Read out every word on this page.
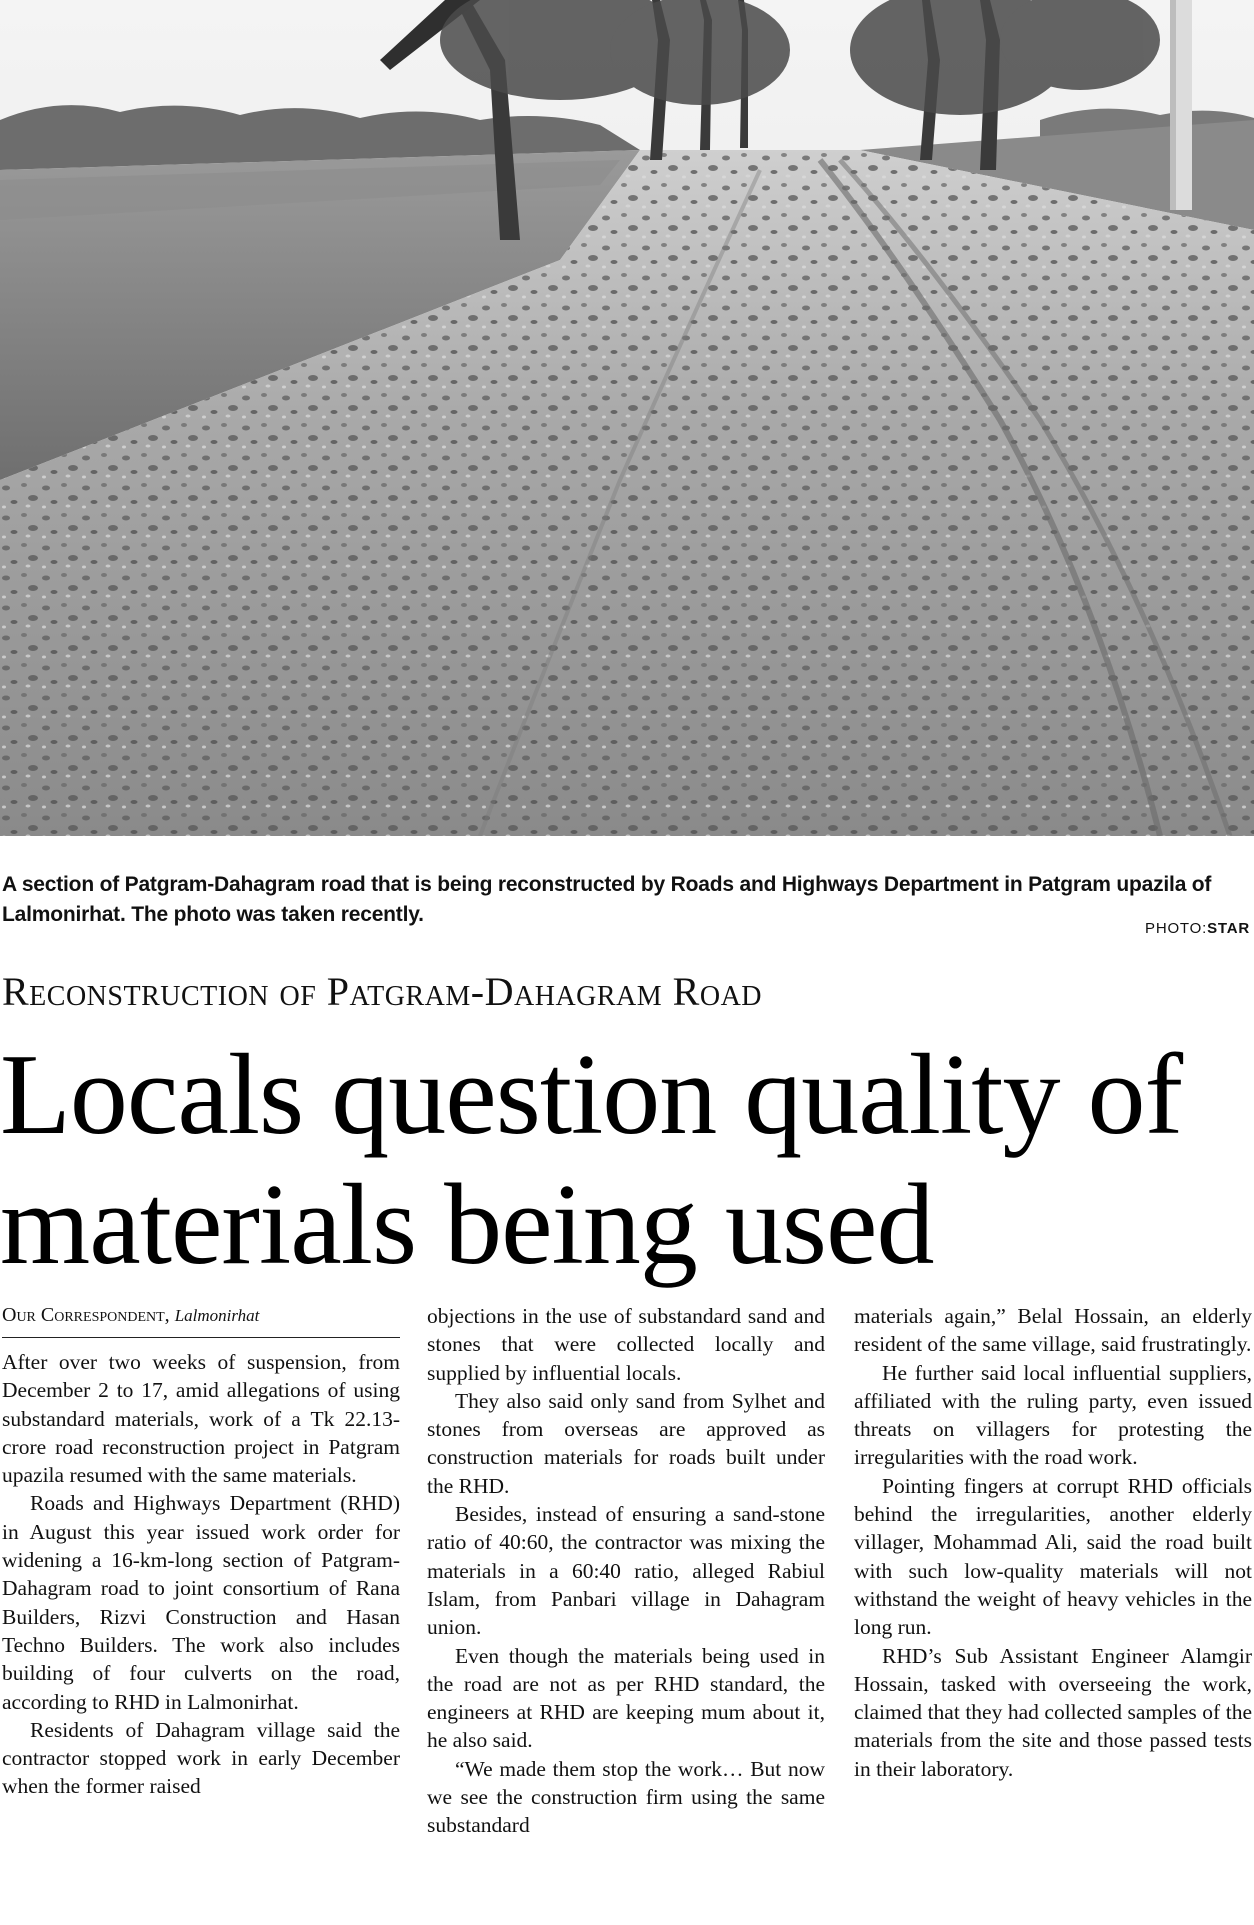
A section of Patgram-Dahagram road that is being reconstructed by Roads and Highways Department in Patgram upazila of Lalmonirhat. The photo was taken recently.
PHOTO:STAR
Reconstruction of Patgram-Dahagram Road
Locals question quality of materials being used
Our Correspondent, Lalmonirhat

After over two weeks of suspension, from December 2 to 17, amid allegations of using substandard materials, work of a Tk 22.13-crore road reconstruction project in Patgram upazila resumed with the same materials.

Roads and Highways Department (RHD) in August this year issued work order for widening a 16-km-long section of Patgram-Dahagram road to joint consortium of Rana Builders, Rizvi Construction and Hasan Techno Builders. The work also includes building of four culverts on the road, according to RHD in Lalmonirhat.

Residents of Dahagram village said the contractor stopped work in early December when the former raised

objections in the use of substandard sand and stones that were collected locally and supplied by influential locals.

They also said only sand from Sylhet and stones from overseas are approved as construction materials for roads built under the RHD.

Besides, instead of ensuring a sand-stone ratio of 40:60, the contractor was mixing the materials in a 60:40 ratio, alleged Rabiul Islam, from Panbari village in Dahagram union.

Even though the materials being used in the road are not as per RHD standard, the engineers at RHD are keeping mum about it, he also said.

“We made them stop the work… But now we see the construction firm using the same substandard

materials again,” Belal Hossain, an elderly resident of the same village, said frustratingly.

He further said local influential suppliers, affiliated with the ruling party, even issued threats on villagers for protesting the irregularities with the road work.

Pointing fingers at corrupt RHD officials behind the irregularities, another elderly villager, Mohammad Ali, said the road built with such low-quality materials will not withstand the weight of heavy vehicles in the long run.

RHD’s Sub Assistant Engineer Alamgir Hossain, tasked with overseeing the work, claimed that they had collected samples of the materials from the site and those passed tests in their laboratory.
